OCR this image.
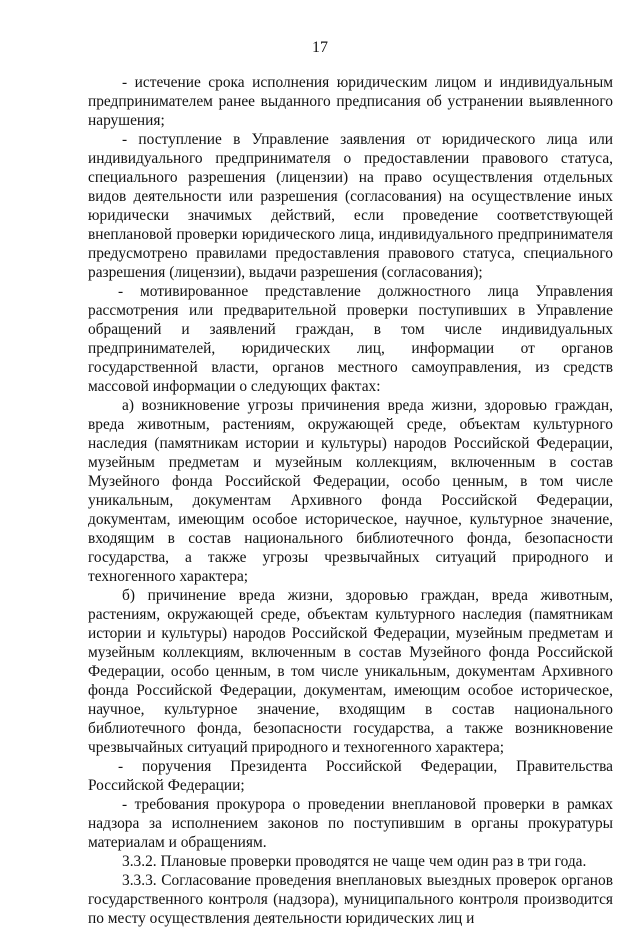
17

- истечение срока исполнения юридическим лицом и индивидуальным предпринимателем ранее выданного предписания об устранении выявленного нарушения;

- поступление в Управление заявления от юридического лица или индивидуального предпринимателя о предоставлении правового статуса, специального разрешения (лицензии) на право осуществления отдельных видов деятельности или разрешения (согласования) на осуществление иных юридически значимых действий, если проведение соответствующей внеплановой проверки юридического лица, индивидуального предпринимателя предусмотрено правилами предоставления правового статуса, специального разрешения (лицензии), выдачи разрешения (согласования);

- мотивированное представление должностного лица Управления рассмотрения или предварительной проверки поступивших в Управление обращений и заявлений граждан, в том числе индивидуальных предпринимателей, юридических лиц, информации от органов государственной власти, органов местного самоуправления, из средств массовой информации о следующих фактах:

а) возникновение угрозы причинения вреда жизни, здоровью граждан, вреда животным, растениям, окружающей среде, объектам культурного наследия (памятникам истории и культуры) народов Российской Федерации, музейным предметам и музейным коллекциям, включенным в состав Музейного фонда Российской Федерации, особо ценным, в том числе уникальным, документам Архивного фонда Российской Федерации, документам, имеющим особое историческое, научное, культурное значение, входящим в состав национального библиотечного фонда, безопасности государства, а также угрозы чрезвычайных ситуаций природного и техногенного характера;

б) причинение вреда жизни, здоровью граждан, вреда животным, растениям, окружающей среде, объектам культурного наследия (памятникам истории и культуры) народов Российской Федерации, музейным предметам и музейным коллекциям, включенным в состав Музейного фонда Российской Федерации, особо ценным, в том числе уникальным, документам Архивного фонда Российской Федерации, документам, имеющим особое историческое, научное, культурное значение, входящим в состав национального библиотечного фонда, безопасности государства, а также возникновение чрезвычайных ситуаций природного и техногенного характера;

- поручения Президента Российской Федерации, Правительства Российской Федерации;

- требования прокурора о проведении внеплановой проверки в рамках надзора за исполнением законов по поступившим в органы прокуратуры материалам и обращениям.

3.3.2. Плановые проверки проводятся не чаще чем один раз в три года.

3.3.3. Согласование проведения внеплановых выездных проверок органов государственного контроля (надзора), муниципального контроля производится по месту осуществления деятельности юридических лиц и
